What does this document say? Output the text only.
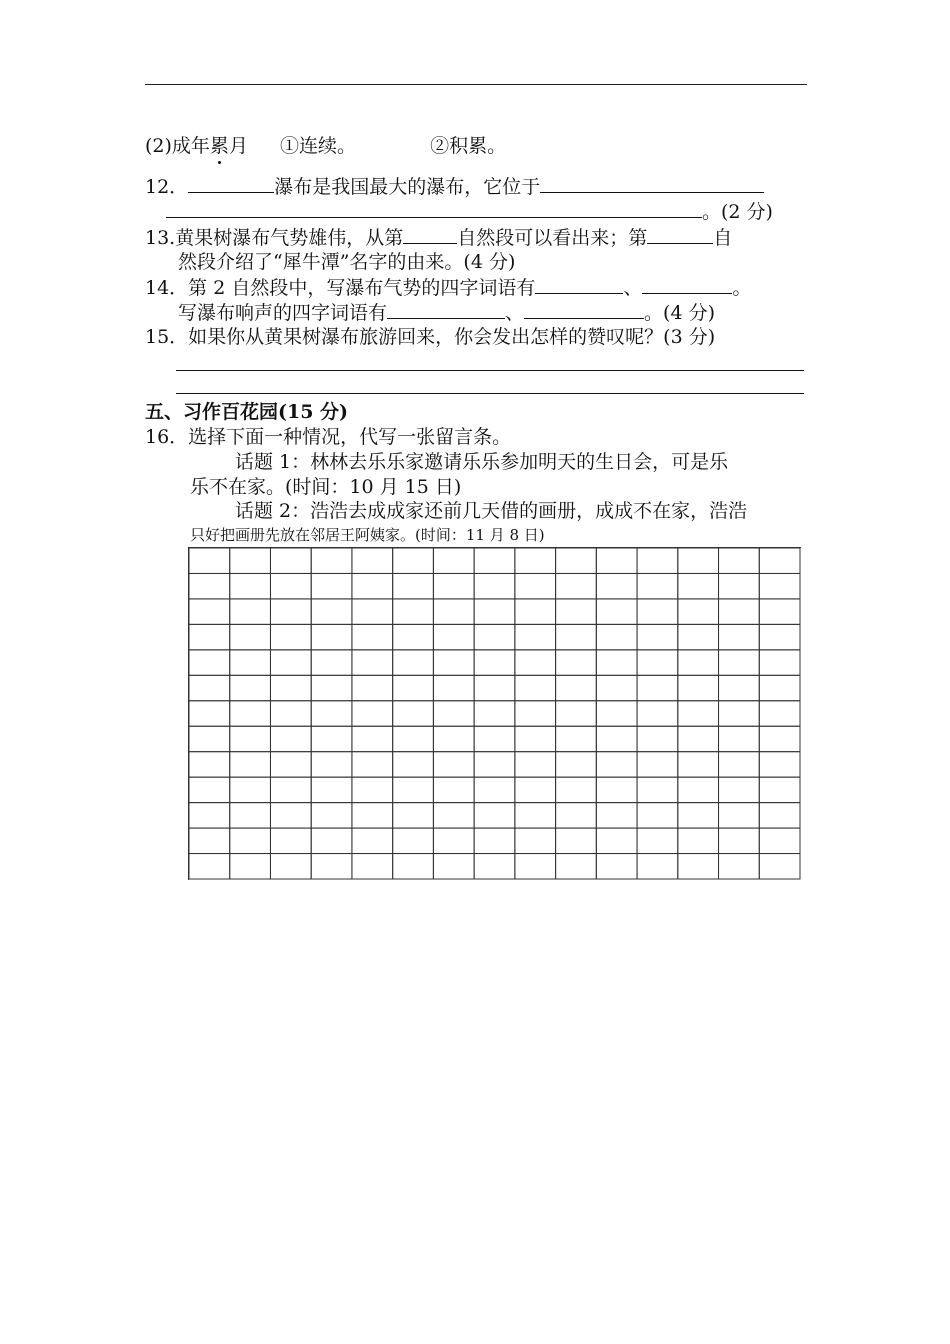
(2)成年累月 ①连续。	②积累。
12．	瀑布是我国最大的瀑布，它位于
。(2 分)
13.黄果树瀑布气势雄伟，从第	自然段可以看出来；第	自
然段介绍了“犀牛潭”名字的由来。(4 分)
14．第 2 自然段中，写瀑布气势的四字词语有	、	。
写瀑布响声的四字词语有	、	。(4 分)
15．如果你从黄果树瀑布旅游回来，你会发出怎样的赞叹呢？(3 分)
五、习作百花园(15 分)
16．选择下面一种情况，代写一张留言条。
话题 1：林林去乐乐家邀请乐乐参加明天的生日会，可是乐
乐不在家。(时间：10 月 15 日)
话题 2：浩浩去成成家还前几天借的画册，成成不在家，浩浩
只好把画册先放在邻居王阿姨家。(时间：11 月 8 日)
